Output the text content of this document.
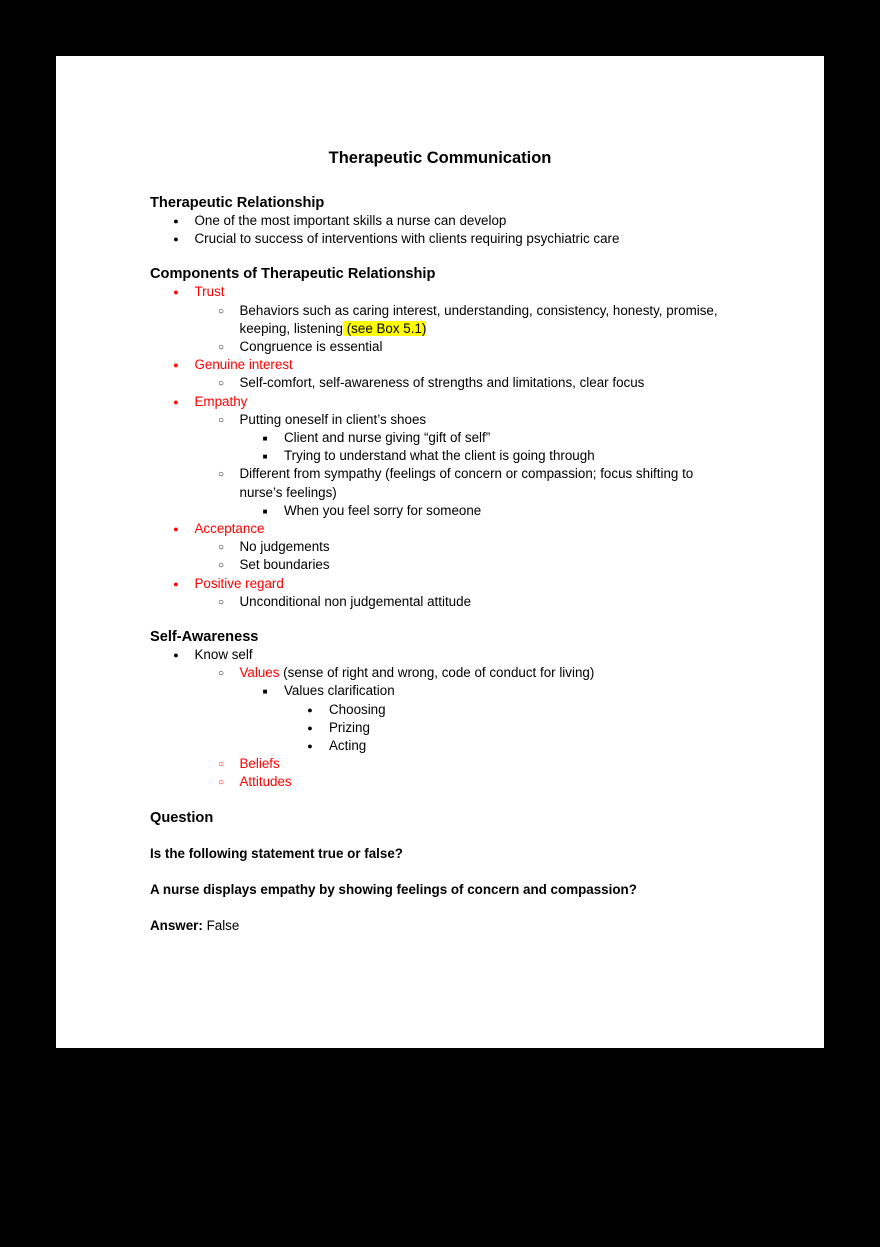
Therapeutic Communication
Therapeutic Relationship
●
One of the most important skills a nurse can develop
●
Crucial to success of interventions with clients requiring psychiatric care
Components of Therapeutic Relationship
●
Trust
○
Behaviors such as caring interest, understanding, consistency, honesty, promise,
keeping, listening (see Box 5.1)
○
Congruence is essential
●
Genuine interest
○
Self-comfort, self-awareness of strengths and limitations, clear focus
●
Empathy
○
Putting oneself in client’s shoes
■
Client and nurse giving “gift of self”
■
Trying to understand what the client is going through
○
Different from sympathy (feelings of concern or compassion; focus shifting to
nurse’s feelings)
■
When you feel sorry for someone
●
Acceptance
○
No judgements
○
Set boundaries
●
Positive regard
○
Unconditional non judgemental attitude
Self-Awareness
●
Know self
○
Values (sense of right and wrong, code of conduct for living)
■
Values clarification
●
Choosing
●
Prizing
●
Acting
○
Beliefs
○
Attitudes
Question
Is the following statement true or false?
A nurse displays empathy by showing feelings of concern and compassion?
Answer: False
